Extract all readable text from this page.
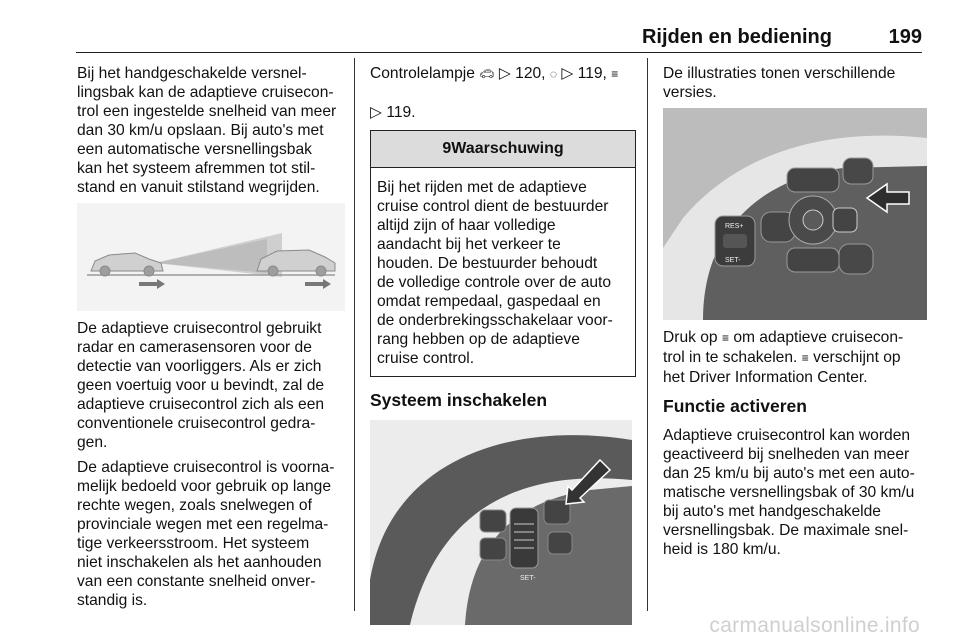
Rijden en bediening	199

Bij het handgeschakelde versnel-
lingsbak kan de adaptieve cruisecon-
trol een ingestelde snelheid van meer
dan 30 km/u opslaan. Bij auto's met
een automatische versnellingsbak
kan het systeem afremmen tot stil-
stand en vanuit stilstand wegrijden.

De adaptieve cruisecontrol gebruikt
radar en camerasensoren voor de
detectie van voorliggers. Als er zich
geen voertuig voor u bevindt, zal de
adaptieve cruisecontrol zich als een
conventionele cruisecontrol gedra-
gen.

De adaptieve cruisecontrol is voorna-
melijk bedoeld voor gebruik op lange
rechte wegen, zoals snelwegen of
provinciale wegen met een regelma-
tige verkeersstroom. Het systeem
niet inschakelen als het aanhouden
van een constante snelheid onver-
standig is.

Controlelampje 🚗︎ ▷ 120, ◌ ▷ 119, ≡

▷ 119.

9Waarschuwing
Bij het rijden met de adaptieve
cruise control dient de bestuurder
altijd zijn of haar volledige
aandacht bij het verkeer te
houden. De bestuurder behoudt
de volledige controle over de auto
omdat rempedaal, gaspedaal en
de onderbrekingsschakelaar voor-
rang hebben op de adaptieve
cruise control.
Systeem inschakelen
RES+
SET-

De illustraties tonen verschillende
versies.

RES+
SET-

Druk op ≡ om adaptieve cruisecon-
trol in te schakelen. ≡ verschijnt op
het Driver Information Center.

Functie activeren

Adaptieve cruisecontrol kan worden
geactiveerd bij snelheden van meer
dan 25 km/u bij auto's met een auto-
matische versnellingsbak of 30 km/u
bij auto's met handgeschakelde
versnellingsbak. De maximale snel-
heid is 180 km/u.

carmanualsonline.info
